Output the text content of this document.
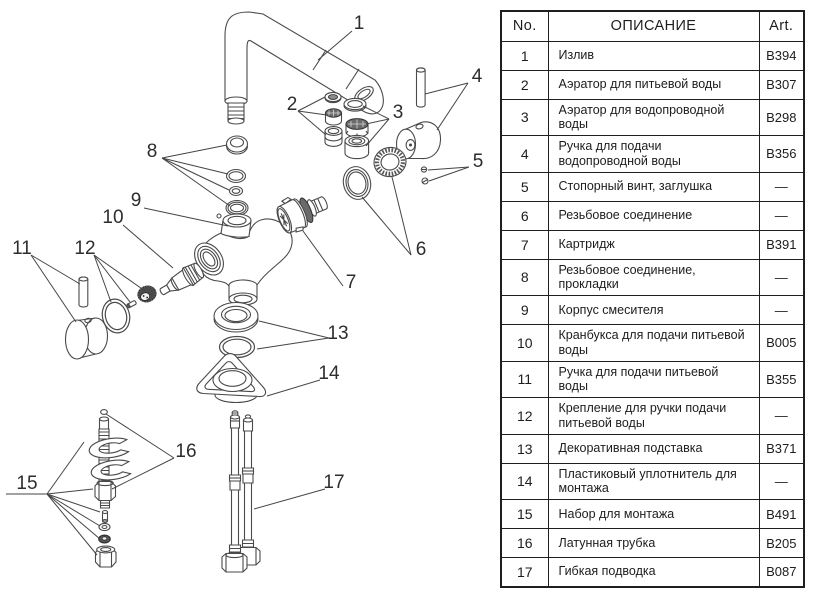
1
2	3
4
5
6
7
8
9
10
11 12
13
14
15
16
17
No.	ОПИСАНИЕ	Art.
1	Излив	B394
2	Аэратор для питьевой воды	B307
3	Аэратор для водопроводной воды	B298
4	Ручка для подачи водопроводной воды	B356
5	Стопорный винт, заглушка	—
6	Резьбовое соединение	—
7	Картридж	B391
8	Резьбовое соединение, прокладки	—
9	Корпус смесителя	—
10	Кранбукса для подачи питьевой воды	B005
11	Ручка для подачи питьевой воды	B355
12	Крепление для ручки подачи питьевой воды	—
13	Декоративная подставка	B371
14	Пластиковый уплотнитель для монтажа	—
15	Набор для монтажа	B491
16	Латунная трубка	B205
17	Гибкая подводка	B087
